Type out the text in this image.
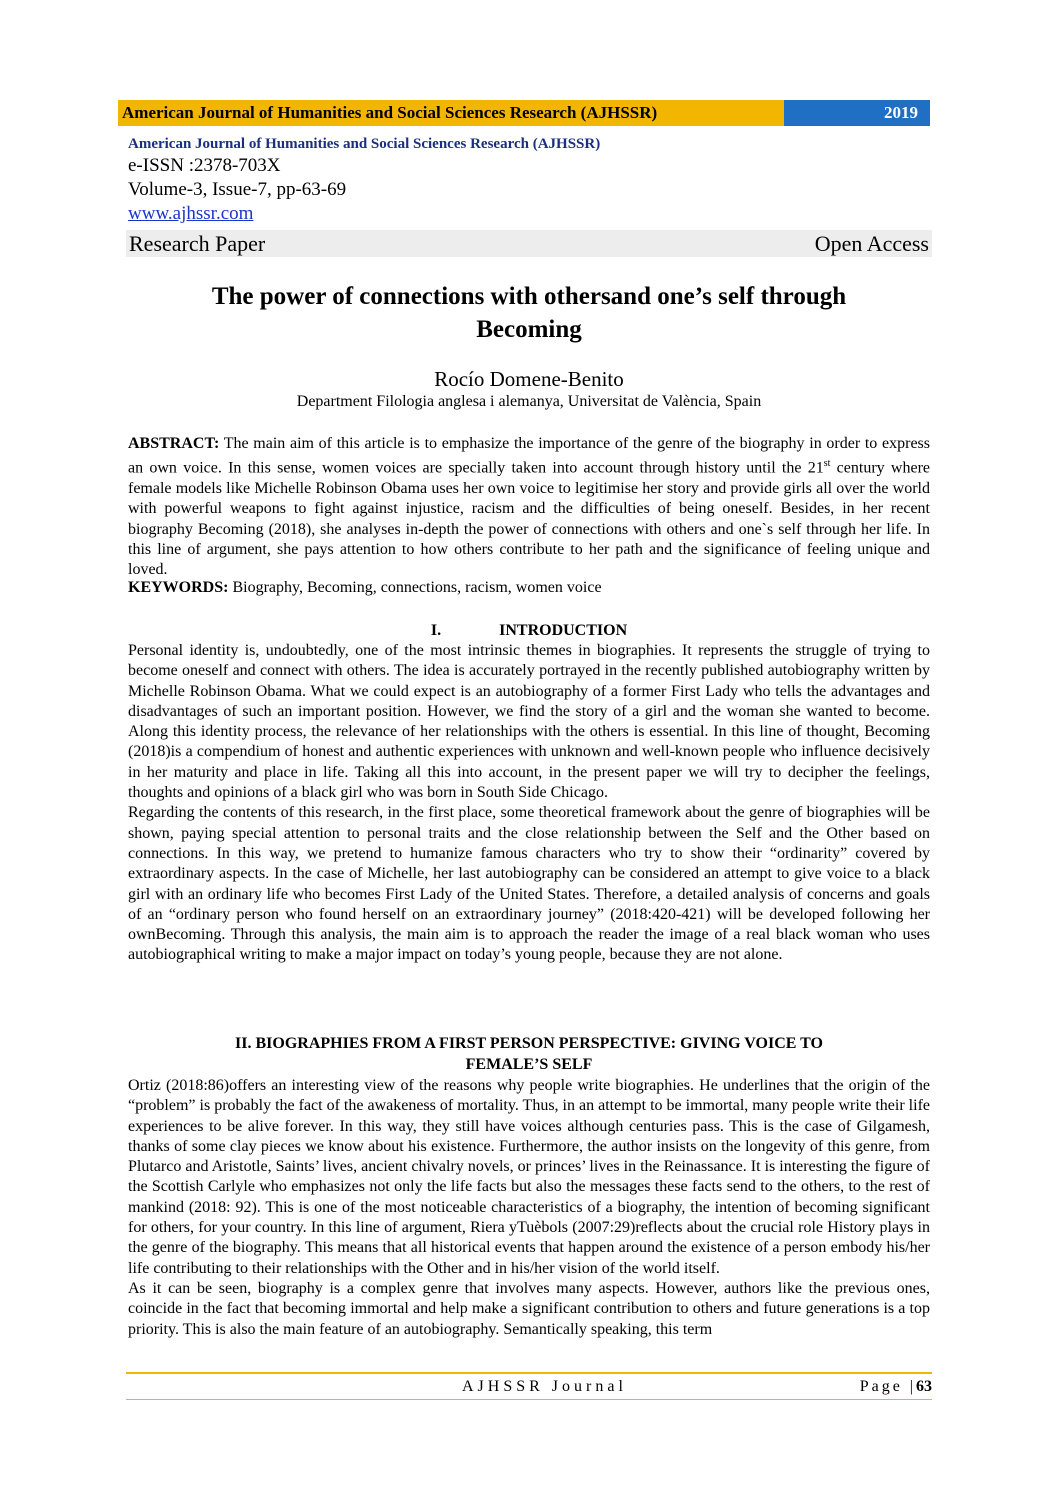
American Journal of Humanities and Social Sciences Research (AJHSSR)	2019
American Journal of Humanities and Social Sciences Research (AJHSSR)
e-ISSN :2378-703X
Volume-3, Issue-7, pp-63-69
www.ajhssr.com
Research Paper	Open Access
The power of connections with othersand one’s self through
Becoming
Rocío Domene-Benito
Department Filologia anglesa i alemanya, Universitat de València, Spain

ABSTRACT: The main aim of this article is to emphasize the importance of the genre of the biography in order to express an own voice. In this sense, women voices are specially taken into account through history until the 21st century where female models like Michelle Robinson Obama uses her own voice to legitimise her story and provide girls all over the world with powerful weapons to fight against injustice, racism and the difficulties of being oneself. Besides, in her recent biography Becoming (2018), she analyses in-depth the power of connections with others and one`s self through her life. In this line of argument, she pays attention to how others contribute to her path and the significance of feeling unique and loved.

KEYWORDS: Biography, Becoming, connections, racism, women voice

I.	INTRODUCTION

Personal identity is, undoubtedly, one of the most intrinsic themes in biographies. It represents the struggle of trying to become oneself and connect with others. The idea is accurately portrayed in the recently published autobiography written by Michelle Robinson Obama. What we could expect is an autobiography of a former First Lady who tells the advantages and disadvantages of such an important position. However, we find the story of a girl and the woman she wanted to become. Along this identity process, the relevance of her relationships with the others is essential. In this line of thought, Becoming (2018)is a compendium of honest and authentic experiences with unknown and well-known people who influence decisively in her maturity and place in life. Taking all this into account, in the present paper we will try to decipher the feelings, thoughts and opinions of a black girl who was born in South Side Chicago.

Regarding the contents of this research, in the first place, some theoretical framework about the genre of biographies will be shown, paying special attention to personal traits and the close relationship between the Self and the Other based on connections. In this way, we pretend to humanize famous characters who try to show their “ordinarity” covered by extraordinary aspects. In the case of Michelle, her last autobiography can be considered an attempt to give voice to a black girl with an ordinary life who becomes First Lady of the United States. Therefore, a detailed analysis of concerns and goals of an “ordinary person who found herself on an extraordinary journey” (2018:420-421) will be developed following her ownBecoming. Through this analysis, the main aim is to approach the reader the image of a real black woman who uses autobiographical writing to make a major impact on today’s young people, because they are not alone.

II. BIOGRAPHIES FROM A FIRST PERSON PERSPECTIVE: GIVING VOICE TO
FEMALE’S SELF

Ortiz (2018:86)offers an interesting view of the reasons why people write biographies. He underlines that the origin of the “problem” is probably the fact of the awakeness of mortality. Thus, in an attempt to be immortal, many people write their life experiences to be alive forever. In this way, they still have voices although centuries pass. This is the case of Gilgamesh, thanks of some clay pieces we know about his existence. Furthermore, the author insists on the longevity of this genre, from Plutarco and Aristotle, Saints’ lives, ancient chivalry novels, or princes’ lives in the Reinassance. It is interesting the figure of the Scottish Carlyle who emphasizes not only the life facts but also the messages these facts send to the others, to the rest of mankind (2018: 92). This is one of the most noticeable characteristics of a biography, the intention of becoming significant for others, for your country. In this line of argument, Riera yTuèbols (2007:29)reflects about the crucial role History plays in the genre of the biography. This means that all historical events that happen around the existence of a person embody his/her life contributing to their relationships with the Other and in his/her vision of the world itself.

As it can be seen, biography is a complex genre that involves many aspects. However, authors like the previous ones, coincide in the fact that becoming immortal and help make a significant contribution to others and future generations is a top priority. This is also the main feature of an autobiography. Semantically speaking, this term

AJHSSR Journal	Page |63
